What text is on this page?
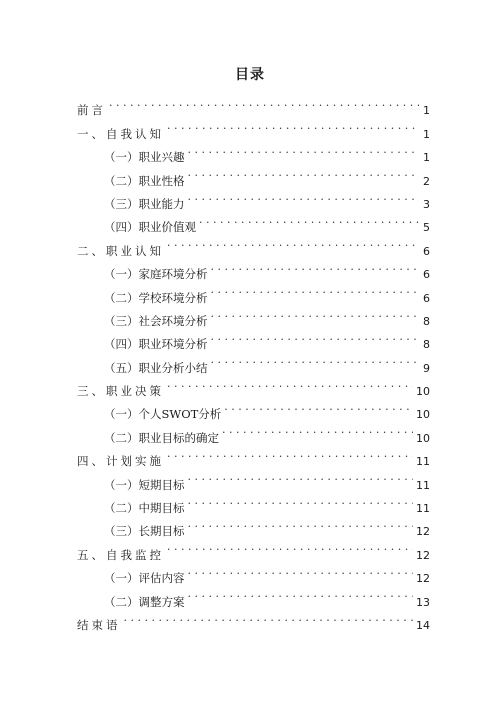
目录
前言 . . .	1
一、自我认知 . . .	1
（一）职业兴趣 . . .	1
（二）职业性格 . . .	2
（三）职业能力 . . .	3
（四）职业价值观 . . .	5
二、职业认知 . . .	6
（一）家庭环境分析 . . .	6
（二）学校环境分析 . . .	6
（三）社会环境分析 . . .	8
（四）职业环境分析 . . .	8
（五）职业分析小结 . . .	9
三、职业决策 . . .	10
（一）个人SWOT分析 . . .	10
（二）职业目标的确定 . . .	10
四、计划实施 . . .	11
（一）短期目标 . . .	11
（二）中期目标 . . .	11
（三）长期目标 . . .	12
五、自我监控 . . .	12
（一）评估内容 . . .	12
（二）调整方案 . . .	13
结束语 . . .	14
